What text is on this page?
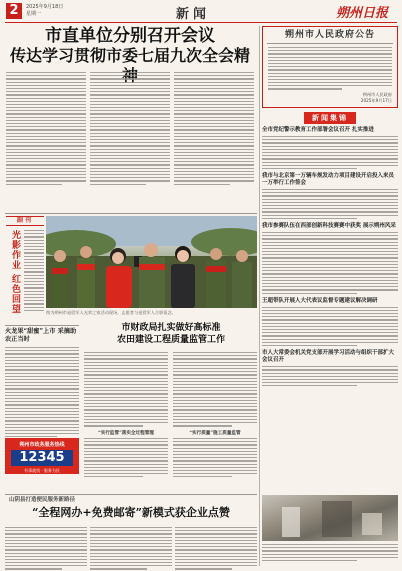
2	2025年9月18日
星期一	新闻	朔州日报
市直单位分别召开会议
传达学习贯彻市委七届九次全会精
朔州市人民政府公告
朔州市人民政府
2025年9月17日
新闻集锦
全市党纪警示教育工作部署会议召开 扎实推进
我市与北京第一万辆车规发动力项目建设开启投入来员一万举行工作签会
我市参赛队伍在西部创新科技赛赛中获奖 展示朔州风采
王超带队开展人大代表议监督专题建议解决调研
市人大常委会机关党支部开展学习活动与组织干部扩大会议召开
副刊
光影作业 红色回望	图为朔州市退役军人光荣之家活动现场，志愿者与退役军人合影留念。
火龙果“甜蜜”上市 采摘助农正当时
朔州市政务服务热线
12345
有事就找 · 服务为民
市财政局扎实做好高标准
农田建设工程质量监管工作
“实行监管”落实全过程管理	“实行质量”施工质量监管
山阴县打造便民服务新路径
“全程网办+免费邮寄”新模式获企业点赞
